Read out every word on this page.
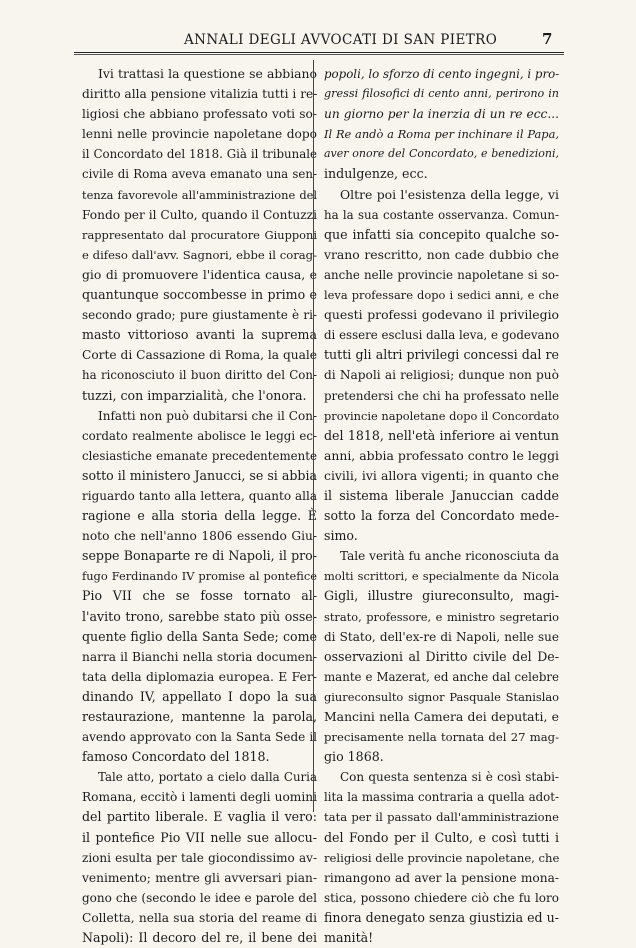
ANNALI DEGLI AVVOCATI DI SAN PIETRO	7
Ivi trattasi la questione se abbiano
diritto alla pensione vitalizia tutti i re-
ligiosi che abbiano professato voti so-
lenni nelle provincie napoletane dopo
il Concordato del 1818. Già il tribunale
civile di Roma aveva emanato una sen-
tenza favorevole all'amministrazione del
Fondo per il Culto, quando il Contuzzi
rappresentato dal procuratore Giupponi
e difeso dall'avv. Sagnori, ebbe il corag-
gio di promuovere l'identica causa, e
quantunque soccombesse in primo e
secondo grado; pure giustamente è ri-
masto vittorioso avanti la suprema
Corte di Cassazione di Roma, la quale
ha riconosciuto il buon diritto del Con-
tuzzi, con imparzialità, che l'onora.
Infatti non può dubitarsi che il Con-
cordato realmente abolisce le leggi ec-
clesiastiche emanate precedentemente
sotto il ministero Janucci, se si abbia
riguardo tanto alla lettera, quanto alla
ragione e alla storia della legge. È
noto che nell'anno 1806 essendo Giu-
seppe Bonaparte re di Napoli, il pro-
fugo Ferdinando IV promise al pontefice
Pio VII che se fosse tornato al-
l'avito trono, sarebbe stato più osse-
quente figlio della Santa Sede; come
narra il Bianchi nella storia documen-
tata della diplomazia europea. E Fer-
dinando IV, appellato I dopo la sua
restaurazione, mantenne la parola,
avendo approvato con la Santa Sede il
famoso Concordato del 1818.
Tale atto, portato a cielo dalla Curia
Romana, eccitò i lamenti degli uomini
del partito liberale. E vaglia il vero:
il pontefice Pio VII nelle sue allocu-
zioni esulta per tale giocondissimo av-
venimento; mentre gli avversari pian-
gono che (secondo le idee e parole del
Colletta, nella sua storia del reame di
Napoli): Il decoro del re, il bene dei
popoli, lo sforzo di cento ingegni, i pro-
gressi filosofici di cento anni, perirono in
un giorno per la inerzia di un re ecc...
Il Re andò a Roma per inchinare il Papa,
aver onore del Concordato, e benedizioni,
indulgenze, ecc.
Oltre poi l'esistenza della legge, vi
ha la sua costante osservanza. Comun-
que infatti sia concepito qualche so-
vrano rescritto, non cade dubbio che
anche nelle provincie napoletane si so-
leva professare dopo i sedici anni, e che
questi professi godevano il privilegio
di essere esclusi dalla leva, e godevano
tutti gli altri privilegi concessi dal re
di Napoli ai religiosi; dunque non può
pretendersi che chi ha professato nelle
provincie napoletane dopo il Concordato
del 1818, nell'età inferiore ai ventun
anni, abbia professato contro le leggi
civili, ivi allora vigenti; in quanto che
il sistema liberale Januccian cadde
sotto la forza del Concordato mede-
simo.
Tale verità fu anche riconosciuta da
molti scrittori, e specialmente da Nicola
Gigli, illustre giureconsulto, magi-
strato, professore, e ministro segretario
di Stato, dell'ex-re di Napoli, nelle sue
osservazioni al Diritto civile del De-
mante e Mazerat, ed anche dal celebre
giureconsulto signor Pasquale Stanislao
Mancini nella Camera dei deputati, e
precisamente nella tornata del 27 mag-
gio 1868.
Con questa sentenza si è così stabi-
lita la massima contraria a quella adot-
tata per il passato dall'amministrazione
del Fondo per il Culto, e così tutti i
religiosi delle provincie napoletane, che
rimangono ad aver la pensione mona-
stica, possono chiedere ciò che fu loro
finora denegato senza giustizia ed u-
manità!
